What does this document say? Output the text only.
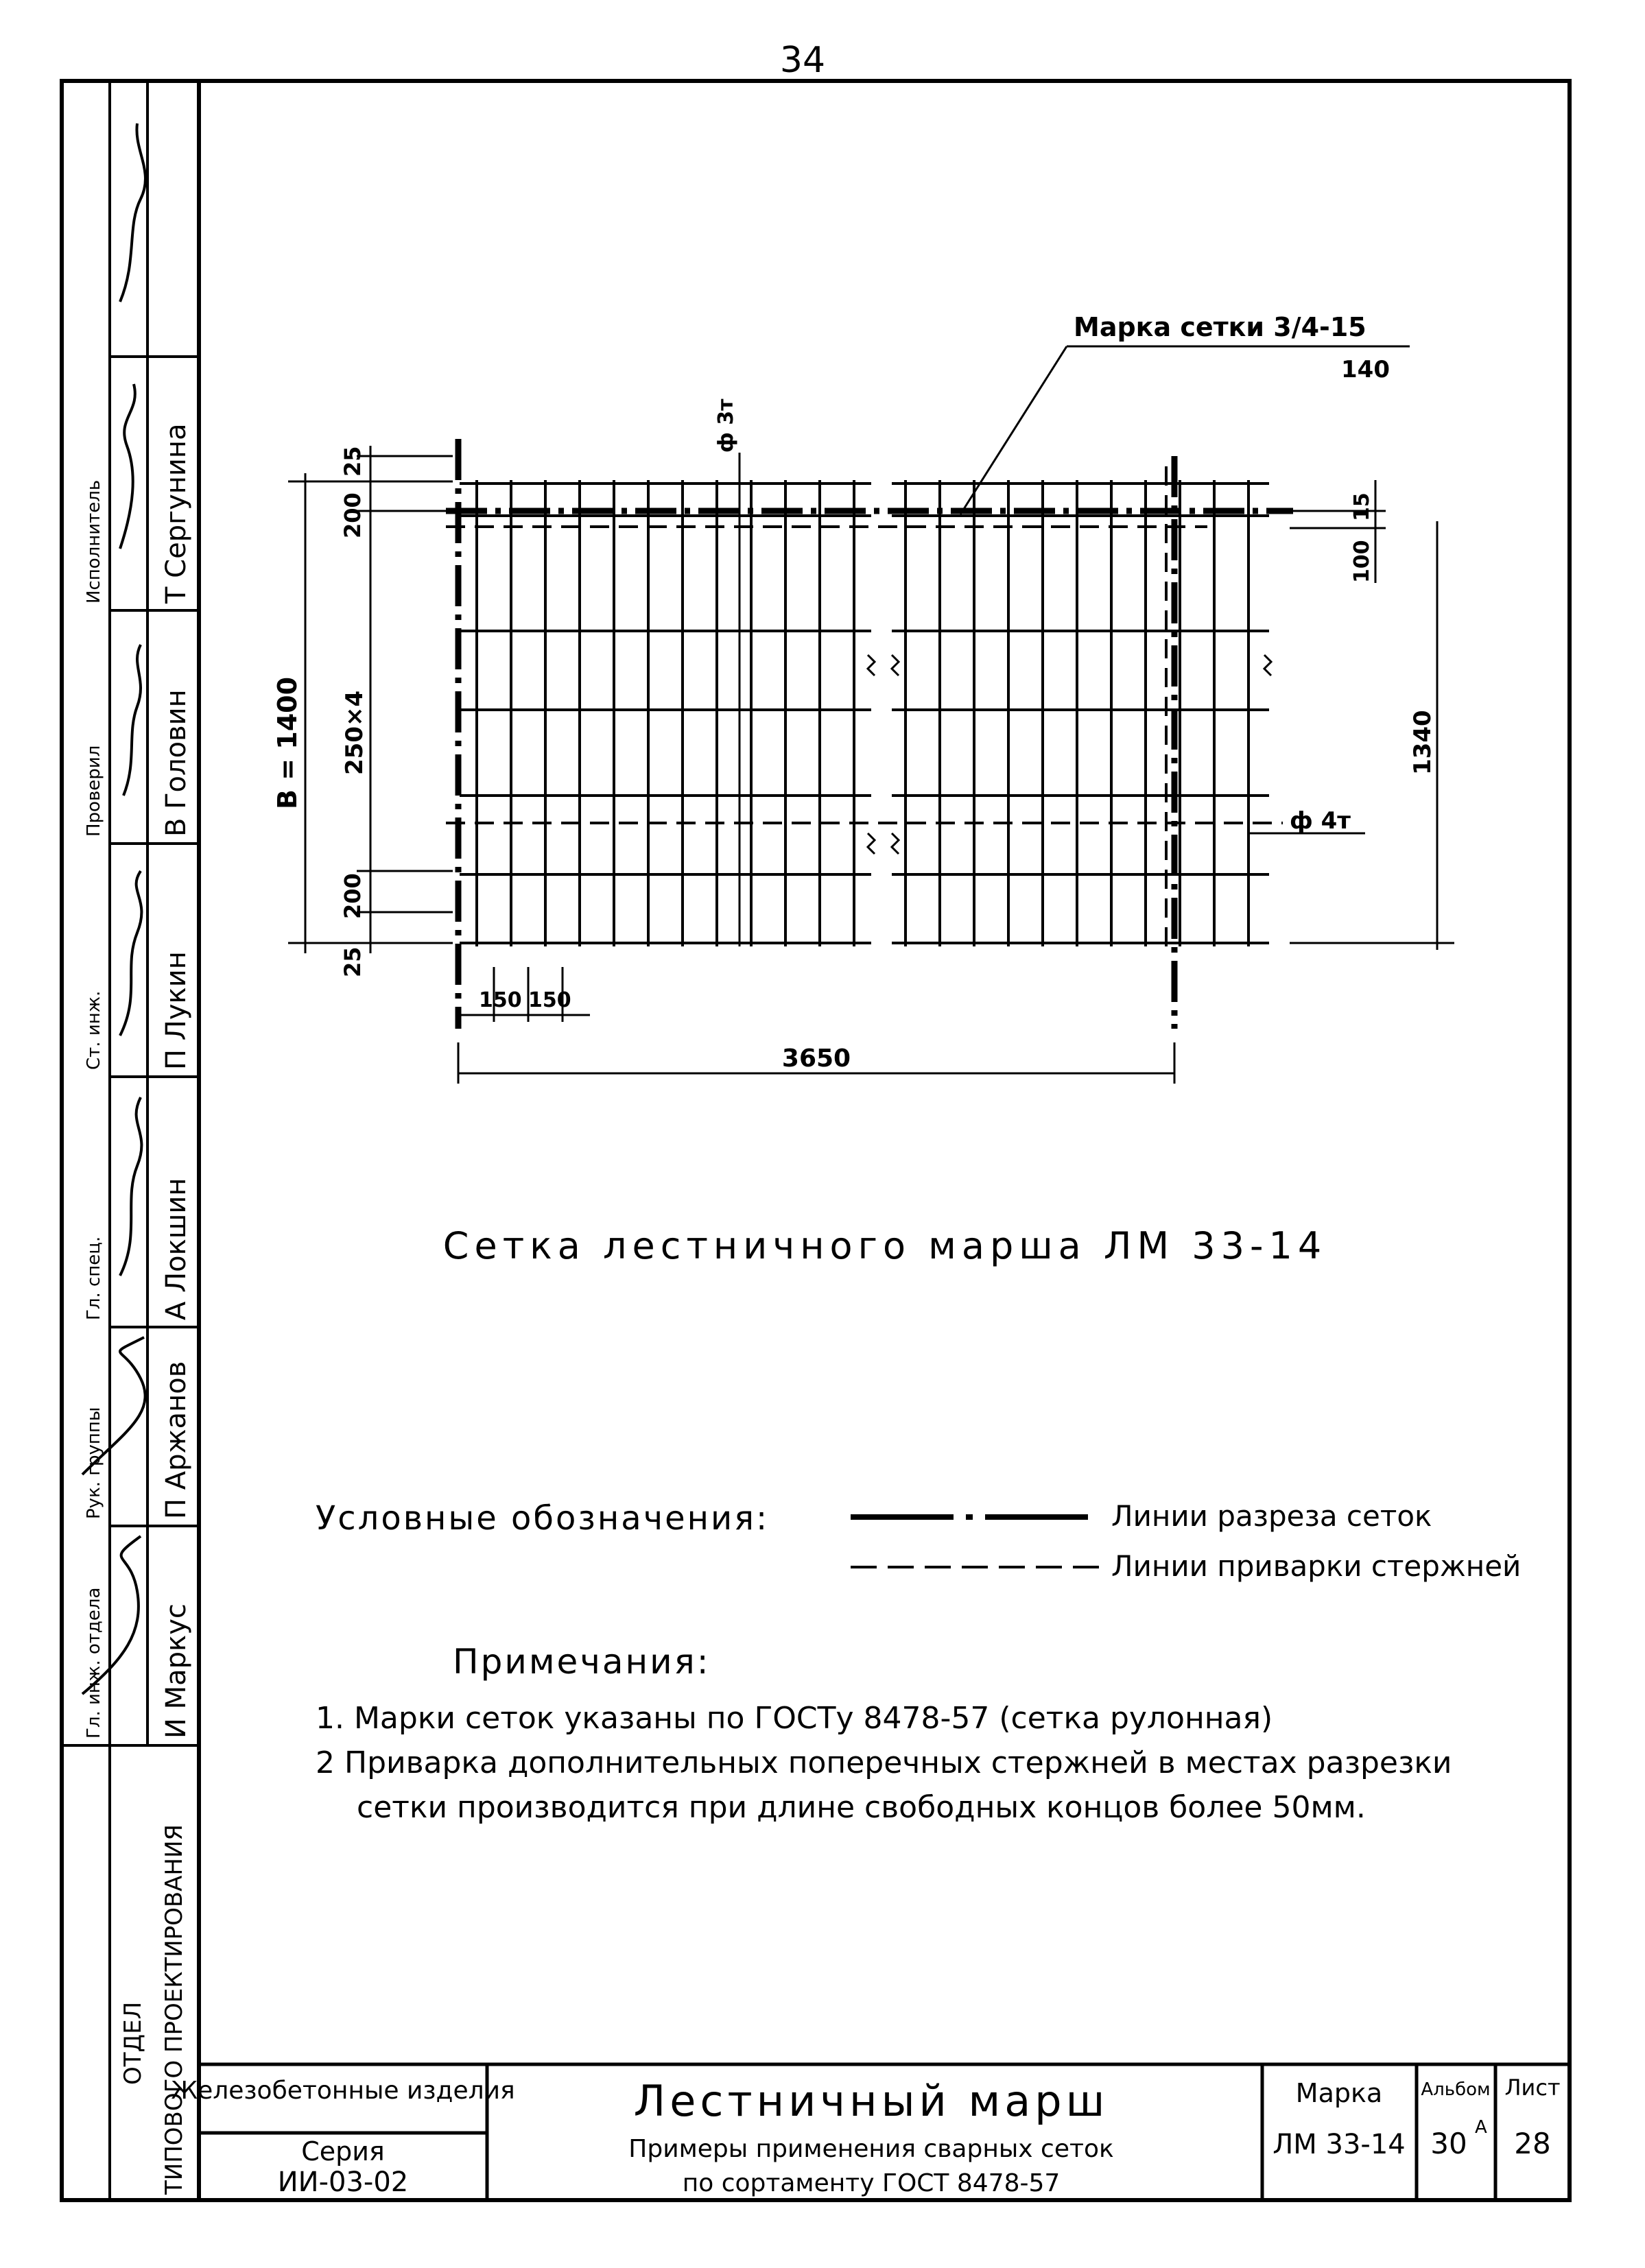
34
И Маркус
П Аржанов
А Локшин
П Лукин
В Головин
Т Сергунина
Гл. инж. отдела
Рук. группы
Гл. спец.
Ст. инж.
Проверил
Исполнитель
ОТДЕЛ ТИПОВОГО ПРОЕКТИРОВАНИЯ
25
200
250×4
200
25
В = 1400
15
100
1340
150 150
3650
Марка сетки 3/4-15
140
ф 3т
ф 4т
Сетка лестничного марша ЛМ 33-14
Условные обозначения:	Линии разреза сеток
Линии приварки стержней
Примечания:
1. Марки сеток указаны по ГОСТу 8478-57 (сетка рулонная)
2 Приварка дополнительных поперечных стержней в местах разрезки
сетки производится при длине свободных концов более 50мм.
Железобетонные изделия
Серия
ИИ-03-02
Лестничный марш
Примеры применения сварных сеток
по сортаменту ГОСТ 8478-57
Марка
ЛМ 33-14
Альбом
30 А
Лист
28
